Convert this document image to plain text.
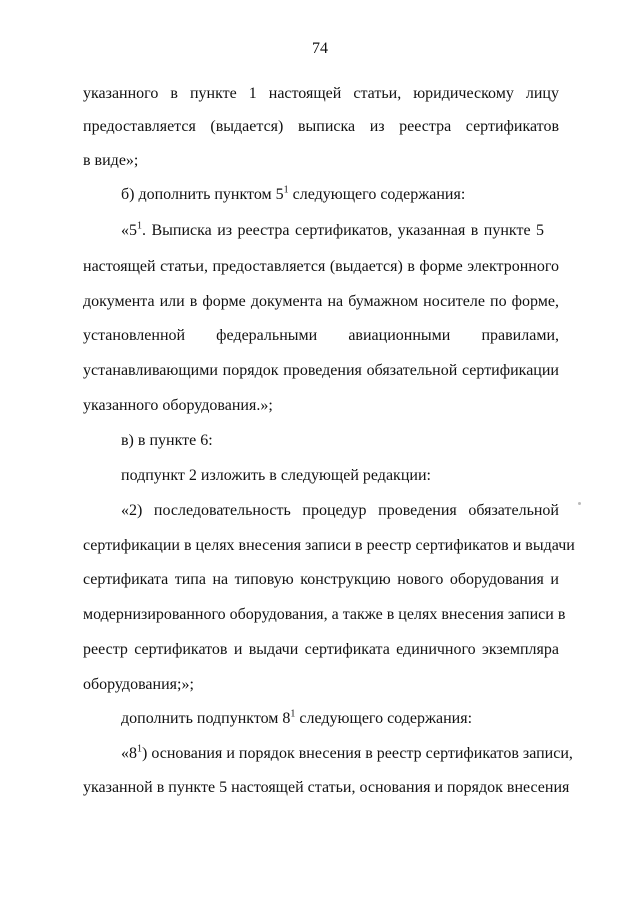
74
указанного в пункте 1 настоящей статьи, юридическому лицу
предоставляется (выдается) выписка из реестра сертификатов
в виде»;
б) дополнить пунктом $5^1$ следующего содержания:
«$5^1$. Выписка из реестра сертификатов, указанная в пункте 5
настоящей статьи, предоставляется (выдается) в форме электронного
документа или в форме документа на бумажном носителе по форме,
установленной федеральными авиационными правилами,
устанавливающими порядок проведения обязательной сертификации
указанного оборудования.»;
в) в пункте 6:
подпункт 2 изложить в следующей редакции:
«2) последовательность процедур проведения обязательной
сертификации в целях внесения записи в реестр сертификатов и выдачи
сертификата типа на типовую конструкцию нового оборудования и
модернизированного оборудования, а также в целях внесения записи в
реестр сертификатов и выдачи сертификата единичного экземпляра
оборудования;»;
дополнить подпунктом $8^1$ следующего содержания:
«$8^1$) основания и порядок внесения в реестр сертификатов записи,
указанной в пункте 5 настоящей статьи, основания и порядок внесения
